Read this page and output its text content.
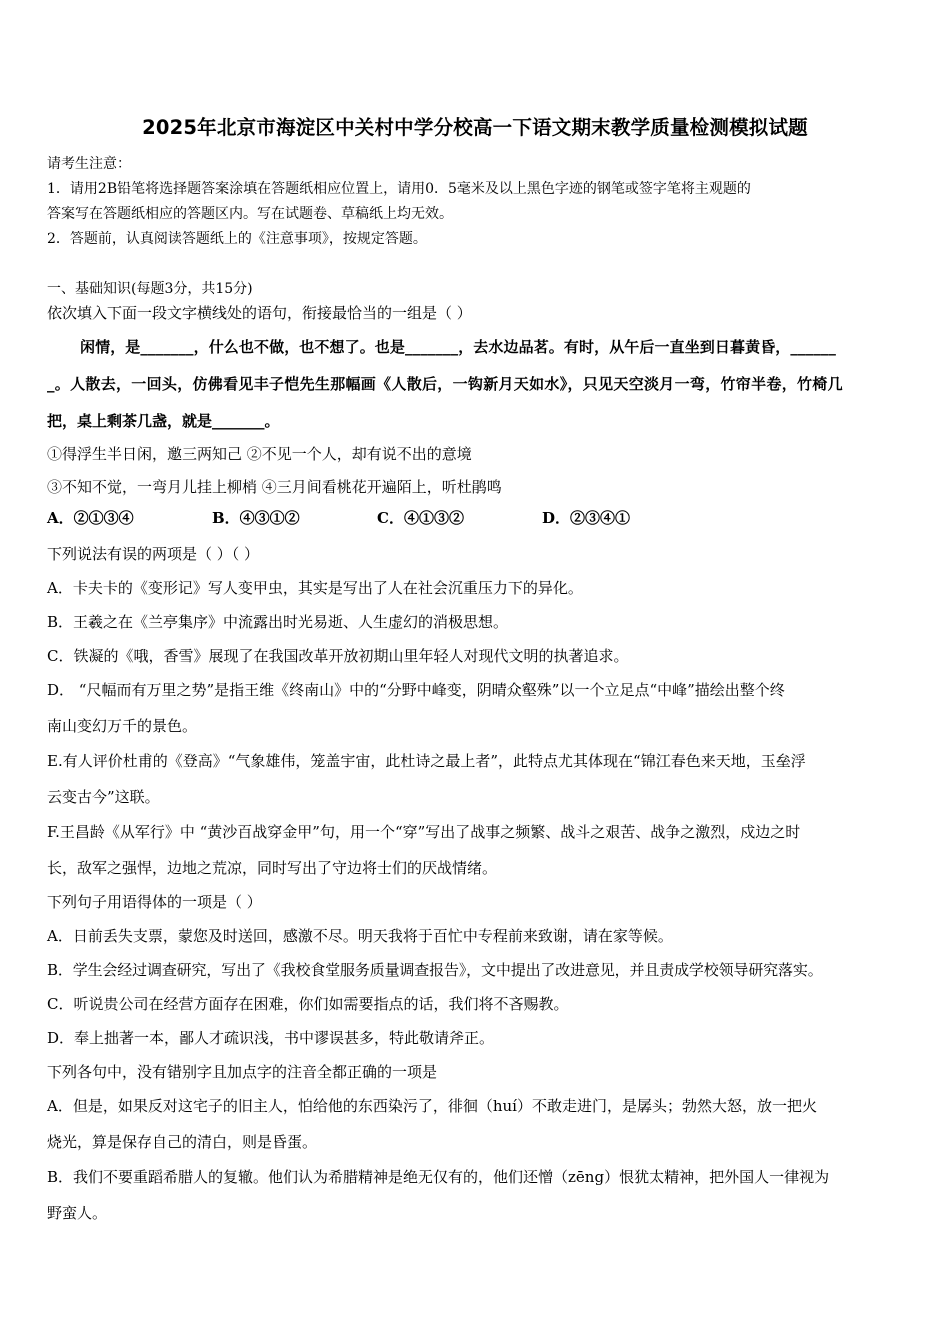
2025年北京市海淀区中关村中学分校高一下语文期末教学质量检测模拟试题
请考生注意：
1．请用2B铅笔将选择题答案涂填在答题纸相应位置上，请用0．5毫米及以上黑色字迹的钢笔或签字笔将主观题的
答案写在答题纸相应的答题区内。写在试题卷、草稿纸上均无效。
2．答题前，认真阅读答题纸上的《注意事项》，按规定答题。
一、基础知识(每题3分，共15分)
依次填入下面一段文字横线处的语句，衔接最恰当的一组是（ ）
闲情，是_______，什么也不做，也不想了。也是_______，去水边品茗。有时，从午后一直坐到日暮黄昏，______
_。人散去，一回头，仿佛看见丰子恺先生那幅画《人散后，一钩新月天如水》，只见天空淡月一弯，竹帘半卷，竹椅几
把，桌上剩茶几盏，就是_______。
①得浮生半日闲，邀三两知己 ②不见一个人，却有说不出的意境
③不知不觉，一弯月儿挂上柳梢 ④三月间看桃花开遍陌上，听杜鹃鸣
A．②①③④	B．④③①②	C．④①③②	D．②③④①
下列说法有误的两项是（ ）（ ）
A．卡夫卡的《变形记》写人变甲虫，其实是写出了人在社会沉重压力下的异化。
B．王羲之在《兰亭集序》中流露出时光易逝、人生虚幻的消极思想。
C．铁凝的《哦，香雪》展现了在我国改革开放初期山里年轻人对现代文明的执著追求。
D． “尺幅而有万里之势”是指王维《终南山》中的“分野中峰变，阴晴众壑殊”以一个立足点“中峰”描绘出整个终
南山变幻万千的景色。
E.有人评价杜甫的《登高》“气象雄伟，笼盖宇宙，此杜诗之最上者”，此特点尤其体现在“锦江春色来天地，玉垒浮
云变古今”这联。
F.王昌龄《从军行》中 “黄沙百战穿金甲”句，用一个“穿”写出了战事之频繁、战斗之艰苦、战争之激烈，戍边之时
长，敌军之强悍，边地之荒凉，同时写出了守边将士们的厌战情绪。
下列句子用语得体的一项是（ ）
A．日前丢失支票，蒙您及时送回，感激不尽。明天我将于百忙中专程前来致谢，请在家等候。
B．学生会经过调查研究，写出了《我校食堂服务质量调查报告》，文中提出了改进意见，并且责成学校领导研究落实。
C．听说贵公司在经营方面存在困难，你们如需要指点的话，我们将不吝赐教。
D．奉上拙著一本，鄙人才疏识浅，书中谬误甚多，特此敬请斧正。
下列各句中，没有错别字且加点字的注音全都正确的一项是
A．但是，如果反对这宅子的旧主人，怕给他的东西染污了，徘徊（huí）不敢走进门，是孱头；勃然大怒，放一把火
烧光，算是保存自己的清白，则是昏蛋。
B．我们不要重蹈希腊人的复辙。他们认为希腊精神是绝无仅有的，他们还憎（zēng）恨犹太精神，把外国人一律视为
野蛮人。
